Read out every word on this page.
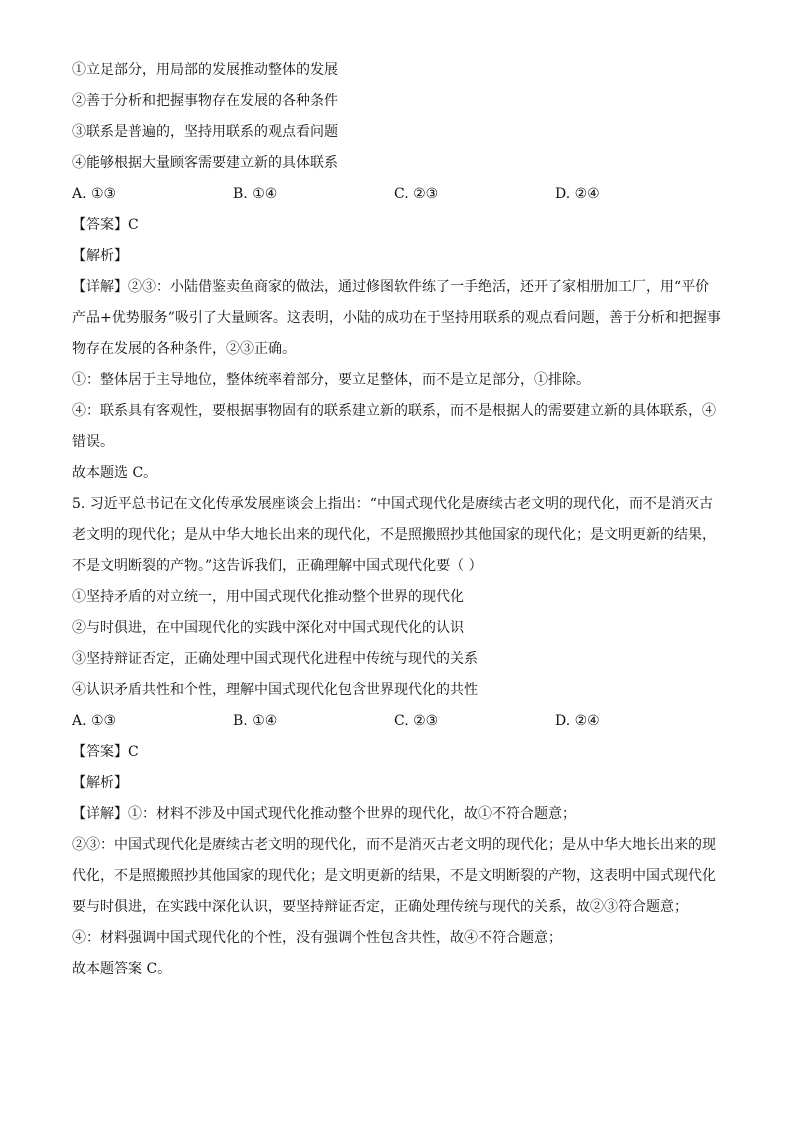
①立足部分，用局部的发展推动整体的发展
②善于分析和把握事物存在发展的各种条件
③联系是普遍的，坚持用联系的观点看问题
④能够根据大量顾客需要建立新的具体联系
A. ①③	B. ①④	C. ②③	D. ②④
【答案】C
【解析】
【详解】②③：小陆借鉴卖鱼商家的做法，通过修图软件练了一手绝活，还开了家相册加工厂，用“平价
产品+优势服务”吸引了大量顾客。这表明，小陆的成功在于坚持用联系的观点看问题，善于分析和把握事
物存在发展的各种条件，②③正确。
①：整体居于主导地位，整体统率着部分，要立足整体，而不是立足部分，①排除。
④：联系具有客观性，要根据事物固有的联系建立新的联系，而不是根据人的需要建立新的具体联系，④
错误。
故本题选 C。
5. 习近平总书记在文化传承发展座谈会上指出：“中国式现代化是赓续古老文明的现代化，而不是消灭古
老文明的现代化；是从中华大地长出来的现代化，不是照搬照抄其他国家的现代化；是文明更新的结果，
不是文明断裂的产物。”这告诉我们，正确理解中国式现代化要（ ）
①坚持矛盾的对立统一，用中国式现代化推动整个世界的现代化
②与时俱进，在中国现代化的实践中深化对中国式现代化的认识
③坚持辩证否定，正确处理中国式现代化进程中传统与现代的关系
④认识矛盾共性和个性，理解中国式现代化包含世界现代化的共性
A. ①③	B. ①④	C. ②③	D. ②④
【答案】C
【解析】
【详解】①：材料不涉及中国式现代化推动整个世界的现代化，故①不符合题意；
②③：中国式现代化是赓续古老文明的现代化，而不是消灭古老文明的现代化；是从中华大地长出来的现
代化，不是照搬照抄其他国家的现代化；是文明更新的结果，不是文明断裂的产物，这表明中国式现代化
要与时俱进，在实践中深化认识，要坚持辩证否定，正确处理传统与现代的关系，故②③符合题意；
④：材料强调中国式现代化的个性，没有强调个性包含共性，故④不符合题意；
故本题答案 C。
